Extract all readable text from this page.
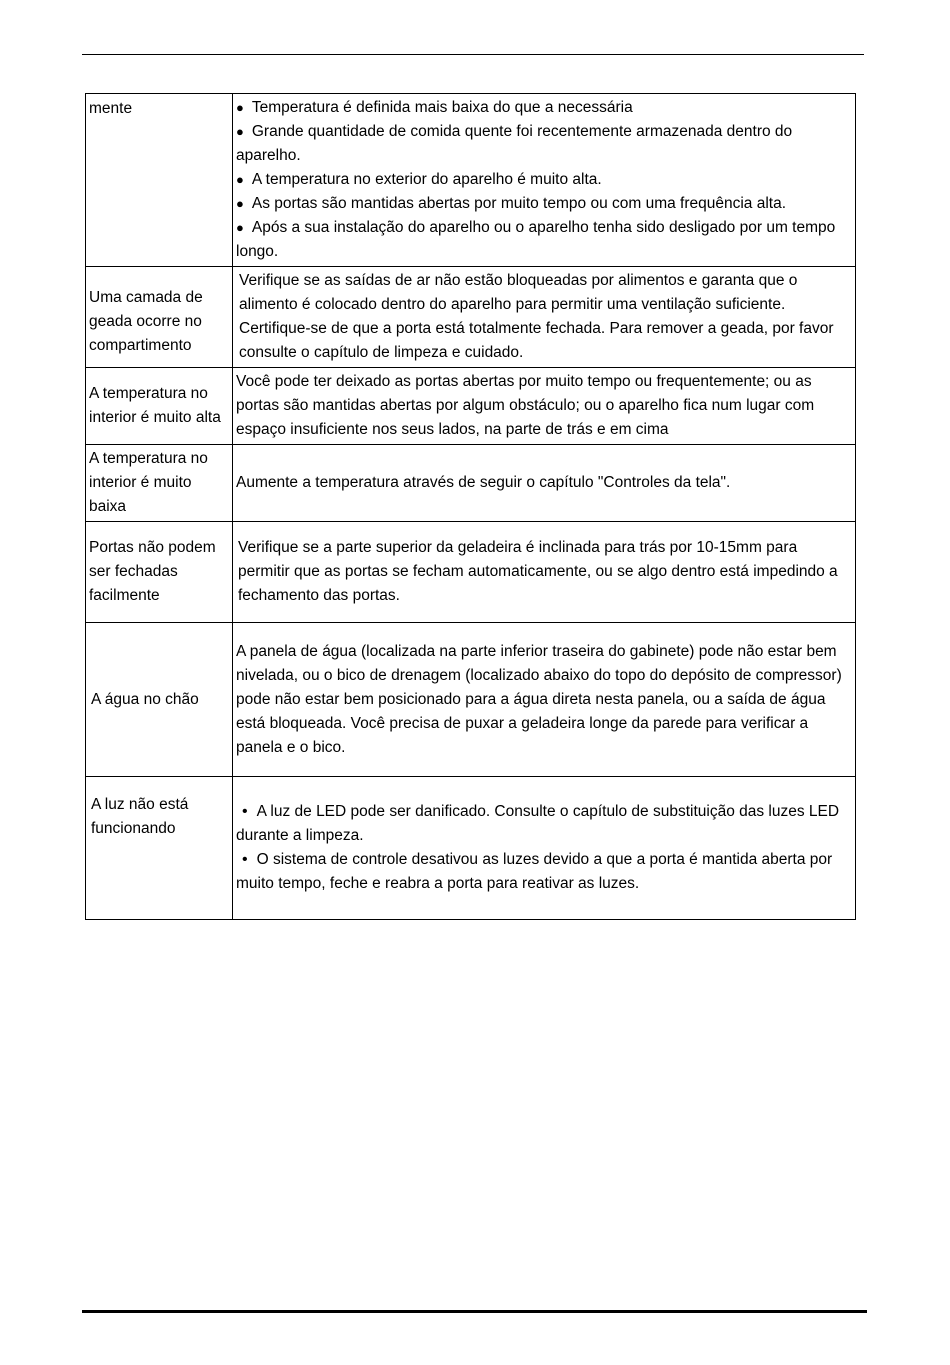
mente	● Temperatura é definida mais baixa do que a necessária

● Grande quantidade de comida quente foi recentemente armazenada dentro do aparelho.

● A temperatura no exterior do aparelho é muito alta.

● As portas são mantidas abertas por muito tempo ou com uma frequência alta.

● Após a sua instalação do aparelho ou o aparelho tenha sido desligado por um tempo longo.

Uma camada de geada ocorre no compartimento	Verifique se as saídas de ar não estão bloqueadas por alimentos e garanta que o alimento é colocado dentro do aparelho para permitir uma ventilação suficiente. Certifique-se de que a porta está totalmente fechada. Para remover a geada, por favor consulte o capítulo de limpeza e cuidado.
A temperatura no interior é muito alta	Você pode ter deixado as portas abertas por muito tempo ou frequentemente; ou as portas são mantidas abertas por algum obstáculo; ou o aparelho fica num lugar com espaço insuficiente nos seus lados, na parte de trás e em cima
A temperatura no interior é muito baixa	Aumente a temperatura através de seguir o capítulo "Controles da tela".
Portas não podem ser fechadas facilmente	Verifique se a parte superior da geladeira é inclinada para trás por 10-15mm para permitir que as portas se fecham automaticamente, ou se algo dentro está impedindo a fechamento das portas.
A água no chão	A panela de água (localizada na parte inferior traseira do gabinete) pode não estar bem nivelada, ou o bico de drenagem (localizado abaixo do topo do depósito de compressor) pode não estar bem posicionado para a água direta nesta panela, ou a saída de água está bloqueada. Você precisa de puxar a geladeira longe da parede para verificar a panela e o bico.
A luz não está funcionando	• A luz de LED pode ser danificado. Consulte o capítulo de substituição das luzes LED durante a limpeza.

• O sistema de controle desativou as luzes devido a que a porta é mantida aberta por muito tempo, feche e reabra a porta para reativar as luzes.
